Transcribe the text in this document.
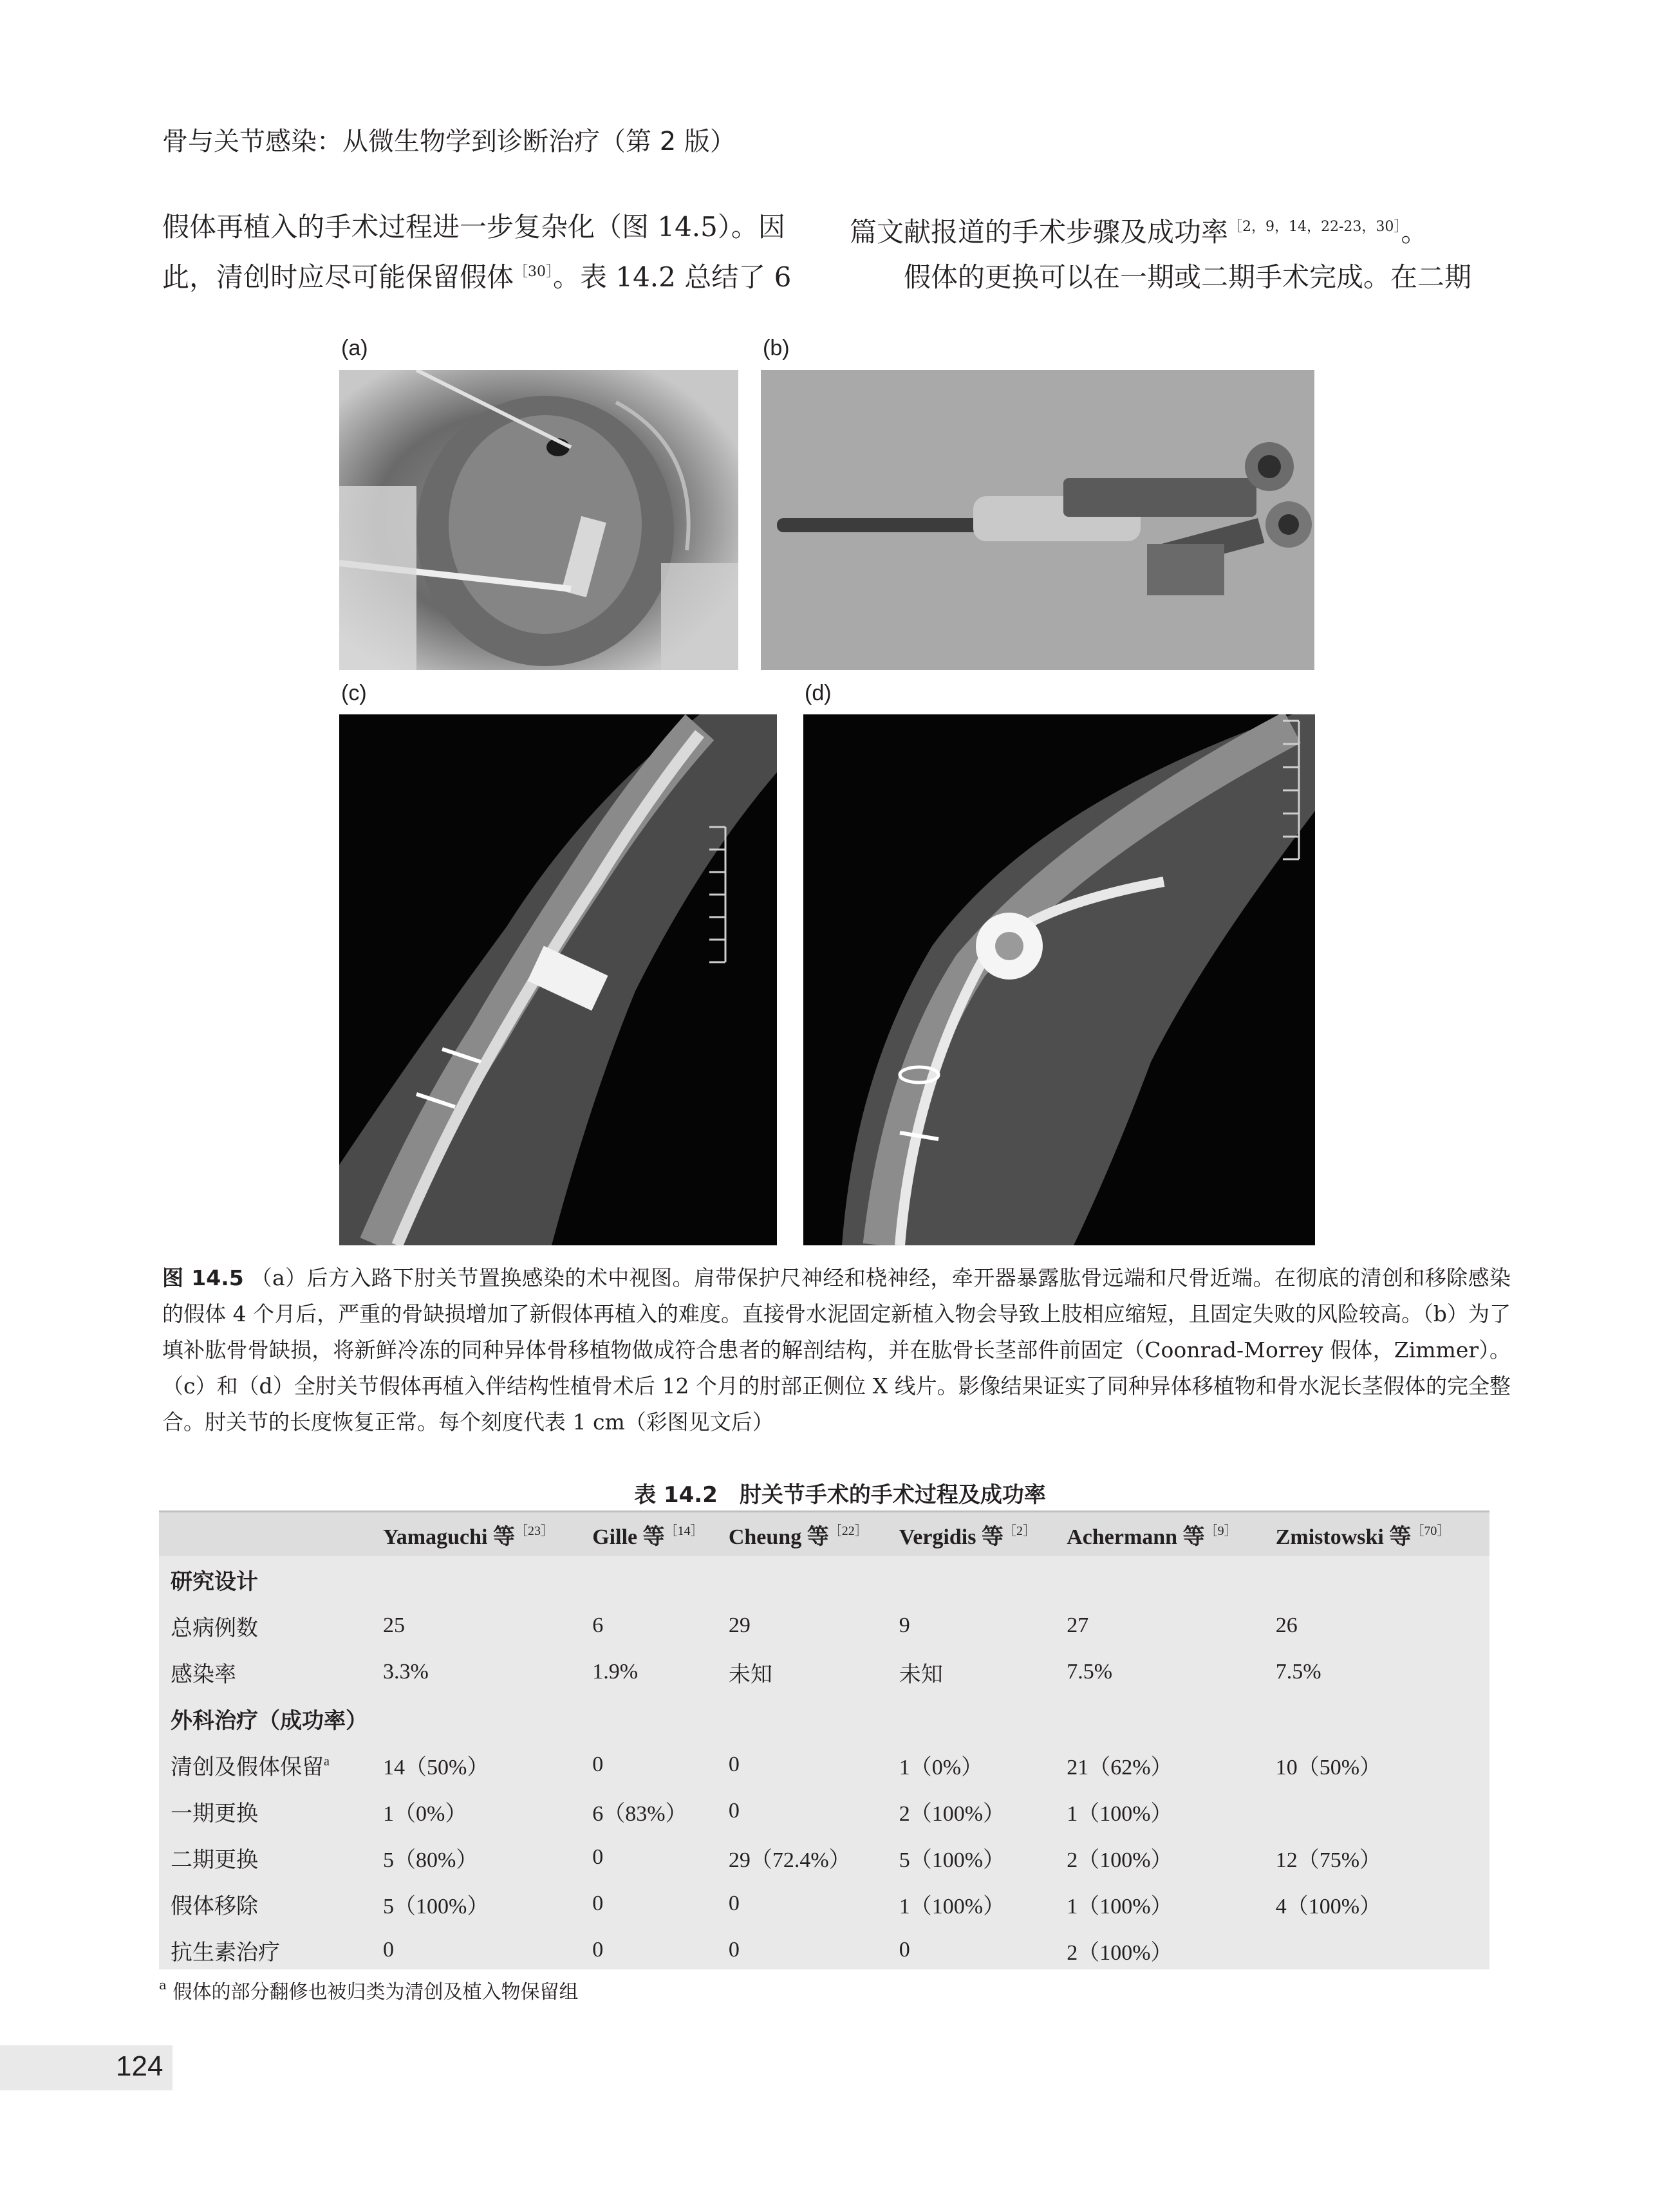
骨与关节感染：从微生物学到诊断治疗（第 2 版）
假体再植入的手术过程进一步复杂化（图 14.5）。因
此，清创时应尽可能保留假体$^{[30]}$。表 14.2 总结了 6
篇文献报道的手术步骤及成功率$^{[2,9,14,22-23,30]}$。
假体的更换可以在一期或二期手术完成。在二期
(a)	(b)
(c)	(d)
图 14.5 （a）后方入路下肘关节置换感染的术中视图。肩带保护尺神经和桡神经，牵开器暴露肱骨远端和尺骨近端。在彻底的清创和移除感染的假体 4 个月后，严重的骨缺损增加了新假体再植入的难度。直接骨水泥固定新植入物会导致上肢相应缩短，且固定失败的风险较高。（b）为了填补肱骨骨缺损，将新鲜冷冻的同种异体骨移植物做成符合患者的解剖结构，并在肱骨长茎部件前固定（Coonrad-Morrey 假体，Zimmer）。（c）和（d）全肘关节假体再植入伴结构性植骨术后 12 个月的肘部正侧位 X 线片。影像结果证实了同种异体移植物和骨水泥长茎假体的完全整合。肘关节的长度恢复正常。每个刻度代表 1 cm（彩图见文后）
表 14.2　肘关节手术的手术过程及成功率
	Yamaguchi 等$^{[23]}$	Gille 等$^{[14]}$	Cheung 等$^{[22]}$	Vergidis 等$^{[2]}$	Achermann 等$^{[9]}$	Zmistowski 等$^{[70]}$
研究设计						
总病例数	25	6	29	9	27	26
感染率	3.3%	1.9%	未知	未知	7.5%	7.5%
外科治疗（成功率）						
清创及假体保留$^a$	14（50%）	0	0	1（0%）	21（62%）	10（50%）
一期更换	1（0%）	6（83%）	0	2（100%）	1（100%）	
二期更换	5（80%）	0	29（72.4%）	5（100%）	2（100%）	12（75%）
假体移除	5（100%）	0	0	1（100%）	1（100%）	4（100%）
抗生素治疗	0	0	0	0	2（100%）	
$^a$ 假体的部分翻修也被归类为清创及植入物保留组
124
